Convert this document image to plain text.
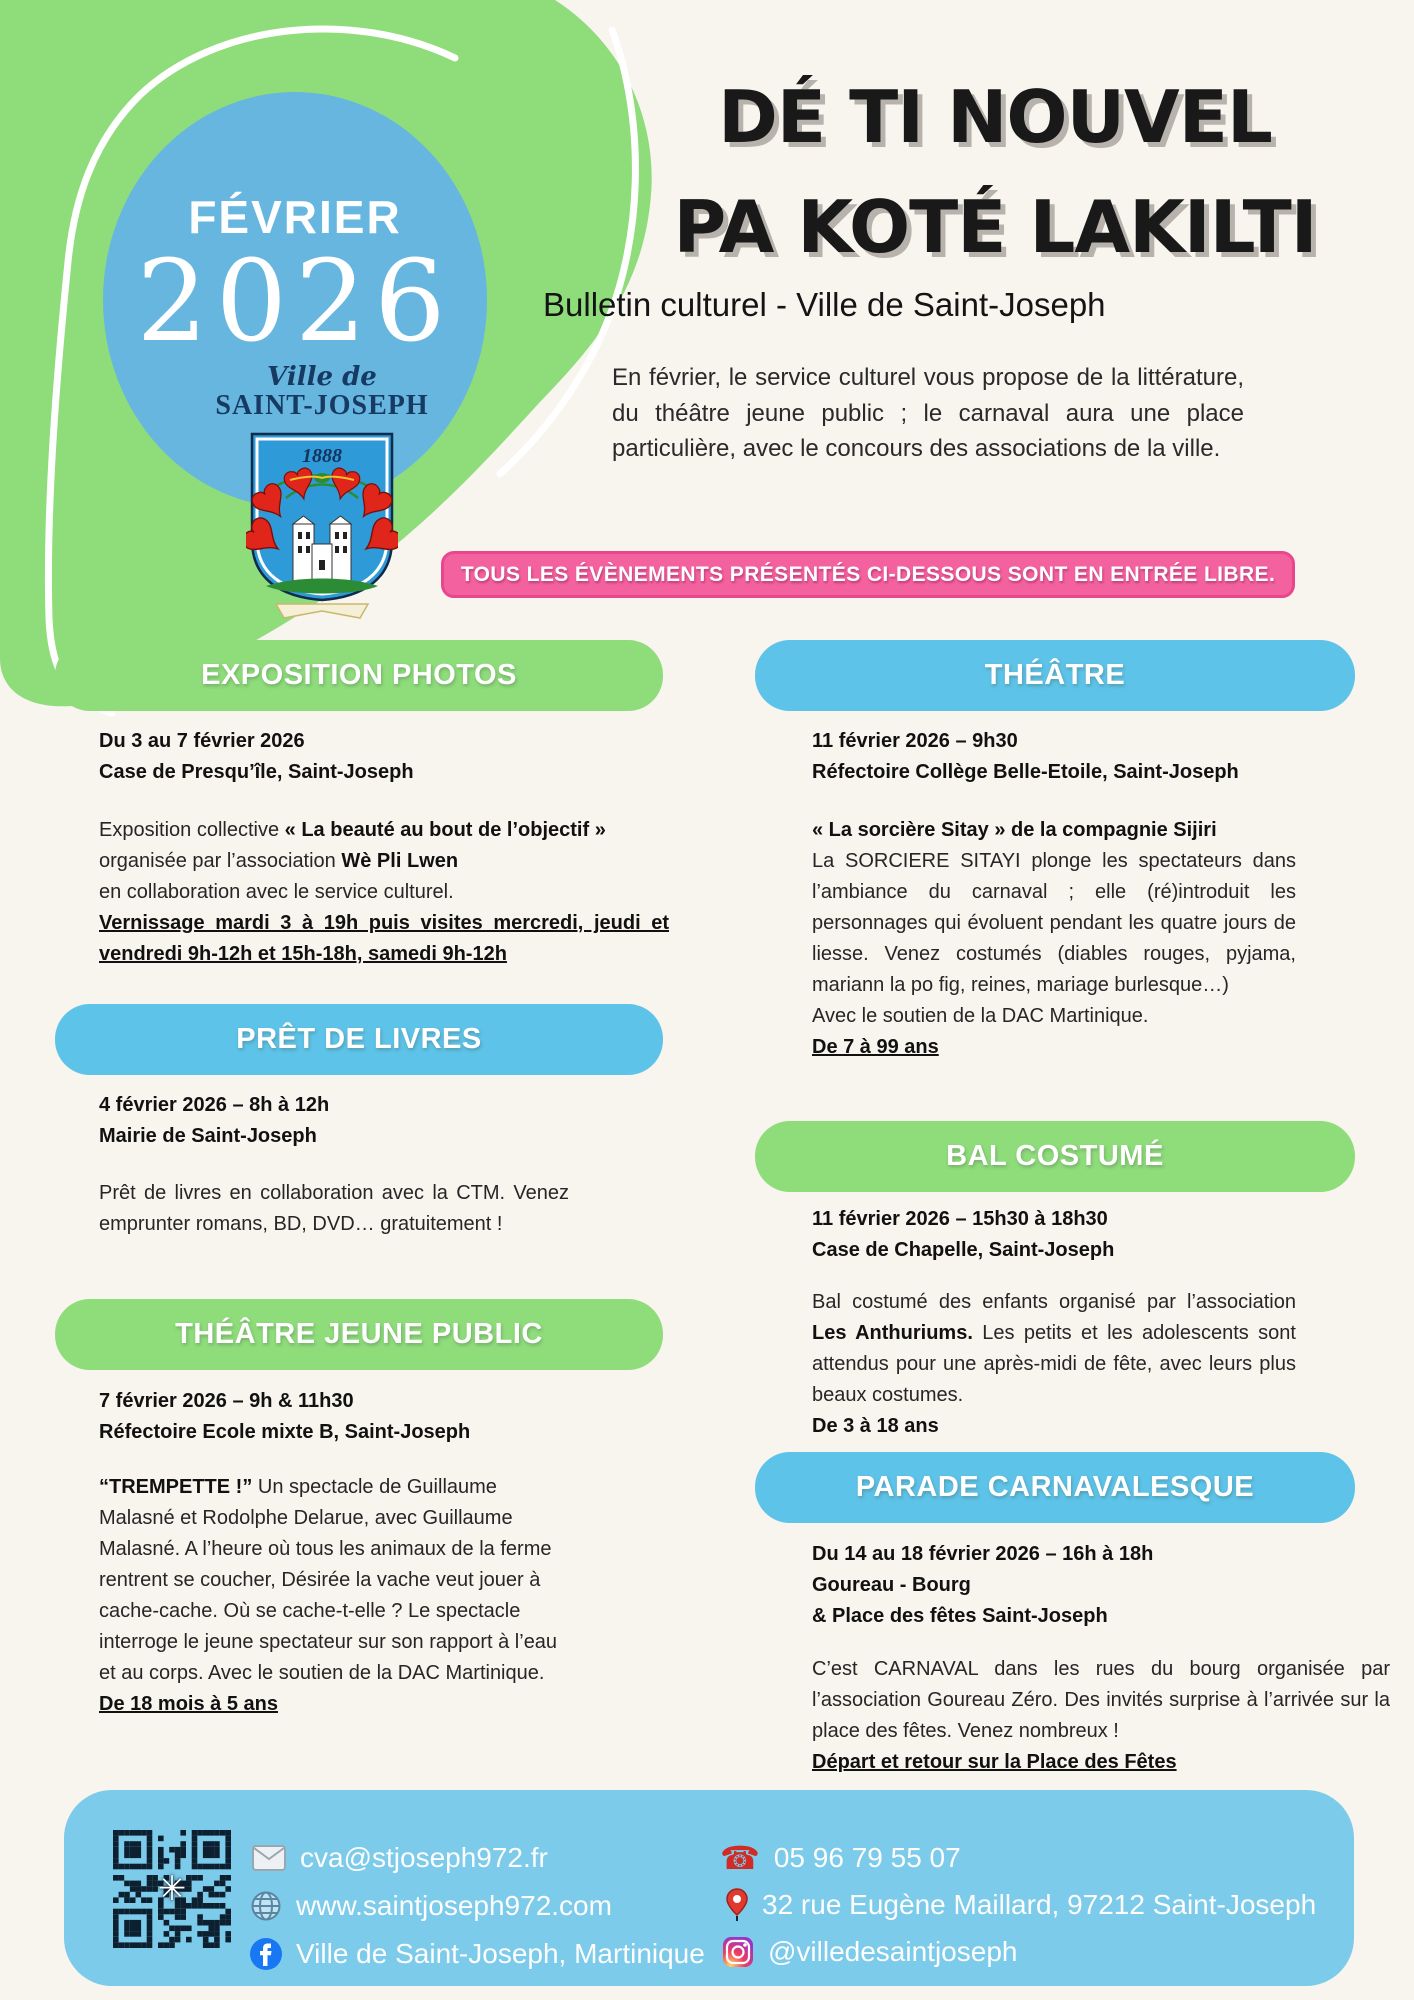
FÉVRIER
2026
Ville de
SAINT-JOSEPH
1888
DÉ TI NOUVEL
PA KOTÉ LAKILTI
Bulletin culturel - Ville de Saint-Joseph
En février, le service culturel vous propose de la littérature, du théâtre jeune public ; le carnaval aura une place particulière, avec le concours des associations de la ville.
TOUS LES ÉVÈNEMENTS PRÉSENTÉS CI-DESSOUS SONT EN ENTRÉE LIBRE.
EXPOSITION PHOTOS
Du 3 au 7 février 2026
Case de Presqu’île, Saint-Joseph
Exposition collective « La beauté au bout de l’objectif »
organisée par l’association Wè Pli Lwen
en collaboration avec le service culturel.
Vernissage mardi 3 à 19h puis visites mercredi, jeudi et vendredi 9h-12h et 15h-18h, samedi 9h-12h
PRÊT DE LIVRES
4 février 2026 – 8h à 12h
Mairie de Saint-Joseph
Prêt de livres en collaboration avec la CTM. Venez emprunter romans, BD, DVD… gratuitement !
THÉÂTRE JEUNE PUBLIC
7 février 2026 – 9h & 11h30
Réfectoire Ecole mixte B, Saint-Joseph
“TREMPETTE !” Un spectacle de Guillaume Malasné et Rodolphe Delarue, avec Guillaume Malasné. A l’heure où tous les animaux de la ferme rentrent se coucher, Désirée la vache veut jouer à cache-cache. Où se cache-t-elle ? Le spectacle interroge le jeune spectateur sur son rapport à l’eau et au corps. Avec le soutien de la DAC Martinique. De 18 mois à 5 ans
THÉÂTRE
11 février 2026 – 9h30
Réfectoire Collège Belle-Etoile, Saint-Joseph
« La sorcière Sitay » de la compagnie Sijiri
La SORCIERE SITAYI plonge les spectateurs dans l’ambiance du carnaval ; elle (ré)introduit les personnages qui évoluent pendant les quatre jours de liesse. Venez costumés (diables rouges, pyjama, mariann la po fig, reines, mariage burlesque…)
Avec le soutien de la DAC Martinique.
De 7 à 99 ans
BAL COSTUMÉ
11 février 2026 – 15h30 à 18h30
Case de Chapelle, Saint-Joseph
Bal costumé des enfants organisé par l’association Les Anthuriums. Les petits et les adolescents sont attendus pour une après-midi de fête, avec leurs plus beaux costumes.
De 3 à 18 ans
PARADE CARNAVALESQUE
Du 14 au 18 février 2026 – 16h à 18h
Goureau - Bourg
& Place des fêtes Saint-Joseph
C’est CARNAVAL dans les rues du bourg organisée par l’association Goureau Zéro. Des invités surprise à l’arrivée sur la place des fêtes. Venez nombreux !
Départ et retour sur la Place des Fêtes
✳
cva@stjoseph972.fr
www.saintjoseph972.com
Ville de Saint-Joseph, Martinique
☎ 05 96 79 55 07
32 rue Eugène Maillard, 97212 Saint-Joseph
@villedesaintjoseph
